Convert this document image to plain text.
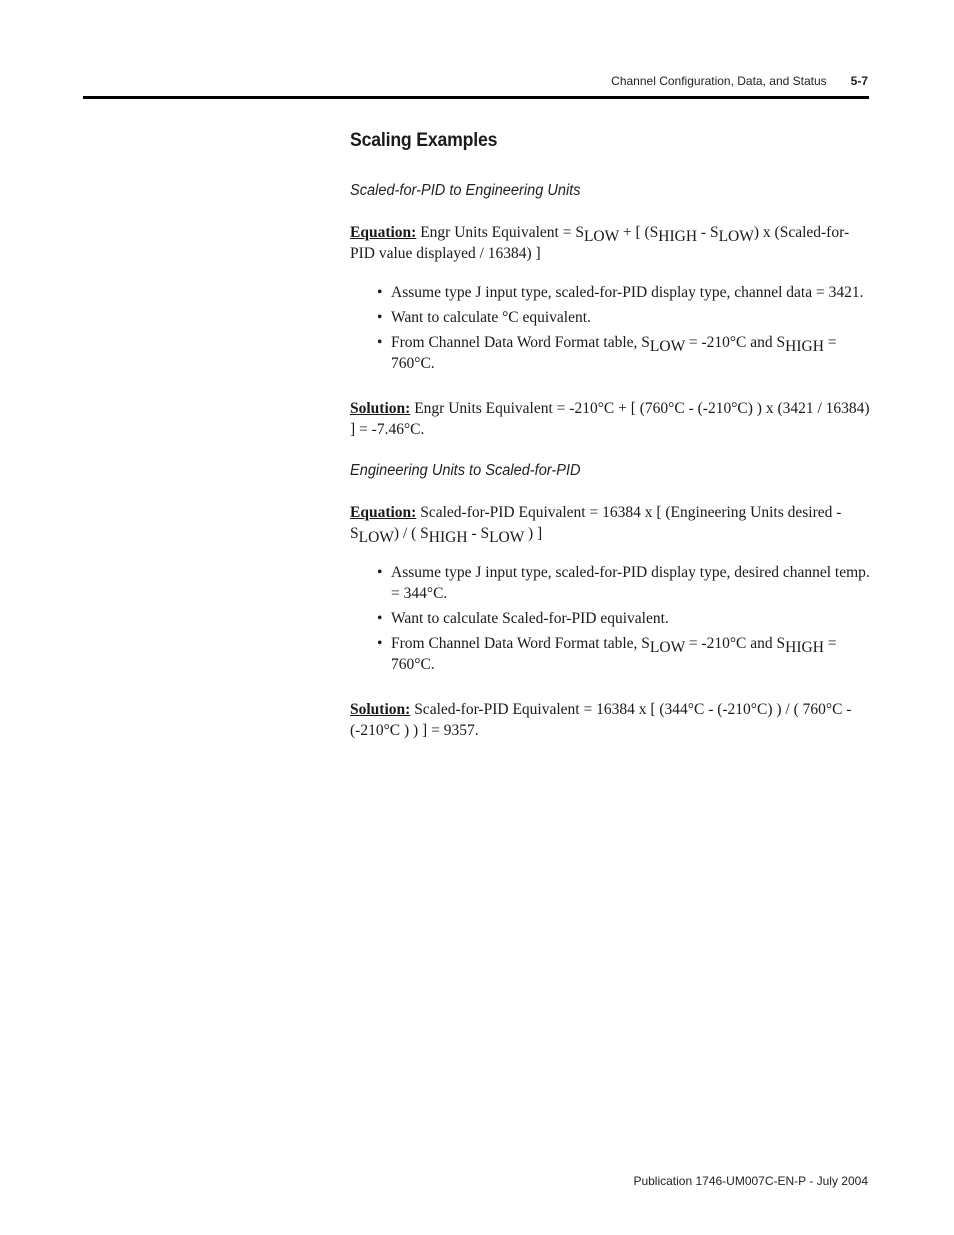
Channel Configuration, Data, and Status 5-7
Scaling Examples
Scaled-for-PID to Engineering Units

Equation: Engr Units Equivalent = SLOW + [ (SHIGH - SLOW) x (Scaled-for-PID value displayed / 16384) ]

• Assume type J input type, scaled-for-PID display type, channel data = 3421.
• Want to calculate °C equivalent.
• From Channel Data Word Format table, SLOW = -210°C and SHIGH = 760°C.

Solution: Engr Units Equivalent = -210°C + [ (760°C - (-210°C) ) x (3421 / 16384) ] = -7.46°C.

Engineering Units to Scaled-for-PID

Equation: Scaled-for-PID Equivalent = 16384 x [ (Engineering Units desired - SLOW) / ( SHIGH - SLOW ) ]

• Assume type J input type, scaled-for-PID display type, desired channel temp. = 344°C.
• Want to calculate Scaled-for-PID equivalent.
• From Channel Data Word Format table, SLOW = -210°C and SHIGH = 760°C.

Solution: Scaled-for-PID Equivalent = 16384 x [ (344°C - (-210°C) ) / ( 760°C - (-210°C ) ) ] = 9357.

Publication 1746-UM007C-EN-P - July 2004
